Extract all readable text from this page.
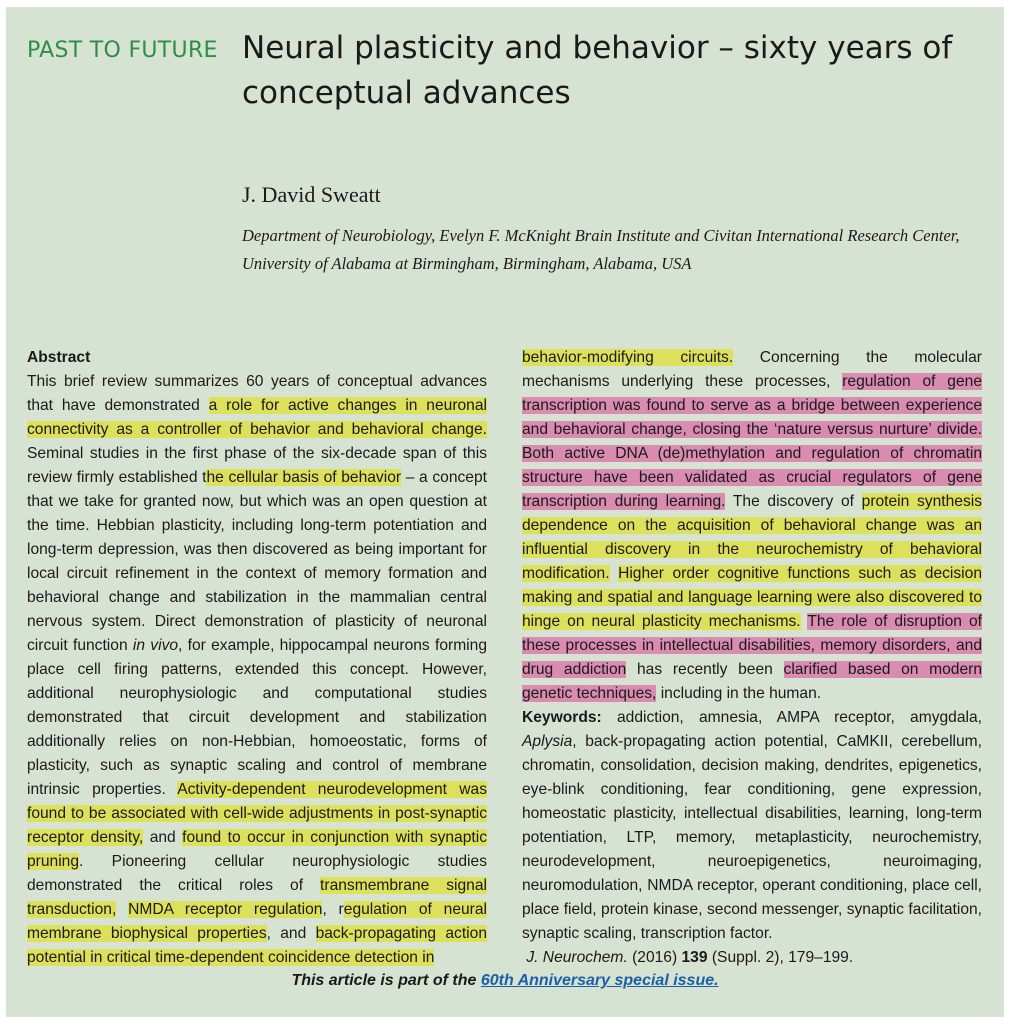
PAST TO FUTURE Neural plasticity and behavior – sixty years of conceptual advances
J. David Sweatt
Department of Neurobiology, Evelyn F. McKnight Brain Institute and Civitan International Research Center, University of Alabama at Birmingham, Birmingham, Alabama, USA
Abstract

This brief review summarizes 60 years of conceptual advances that have demonstrated a role for active changes in neuronal connectivity as a controller of behavior and behavioral change. Seminal studies in the first phase of the six-decade span of this review firmly established the cellular basis of behavior – a concept that we take for granted now, but which was an open question at the time. Hebbian plasticity, including long-term potentiation and long-term depression, was then discovered as being important for local circuit refinement in the context of memory formation and behavioral change and stabilization in the mammalian central nervous system. Direct demonstration of plasticity of neuronal circuit function in vivo, for example, hippocampal neurons forming place cell firing patterns, extended this concept. However, additional neurophysiologic and computational studies demonstrated that circuit development and stabilization additionally relies on non-Hebbian, homoeostatic, forms of plasticity, such as synaptic scaling and control of membrane intrinsic properties. Activity-dependent neurodevelopment was found to be associated with cell-wide adjustments in post-synaptic receptor density, and found to occur in conjunction with synaptic pruning. Pioneering cellular neurophysiologic studies demonstrated the critical roles of transmembrane signal transduction, NMDA receptor regulation, regulation of neural membrane biophysical properties, and back-propagating action potential in critical time-dependent coincidence detection in

behavior-modifying circuits. Concerning the molecular mechanisms underlying these processes, regulation of gene transcription was found to serve as a bridge between experience and behavioral change, closing the ‘nature versus nurture’ divide. Both active DNA (de)methylation and regulation of chromatin structure have been validated as crucial regulators of gene transcription during learning. The discovery of protein synthesis dependence on the acquisition of behavioral change was an influential discovery in the neurochemistry of behavioral modification. Higher order cognitive functions such as decision making and spatial and language learning were also discovered to hinge on neural plasticity mechanisms. The role of disruption of these processes in intellectual disabilities, memory disorders, and drug addiction has recently been clarified based on modern genetic techniques, including in the human.

Keywords: addiction, amnesia, AMPA receptor, amygdala, Aplysia, back-propagating action potential, CaMKII, cerebellum, chromatin, consolidation, decision making, dendrites, epigenetics, eye-blink conditioning, fear conditioning, gene expression, homeostatic plasticity, intellectual disabilities, learning, long-term potentiation, LTP, memory, metaplasticity, neurochemistry, neurodevelopment, neuroepigenetics, neuroimaging, neuromodulation, NMDA receptor, operant conditioning, place cell, place field, protein kinase, second messenger, synaptic facilitation, synaptic scaling, transcription factor.

J. Neurochem. (2016) 139 (Suppl. 2), 179–199.

This article is part of the 60th Anniversary special issue.
